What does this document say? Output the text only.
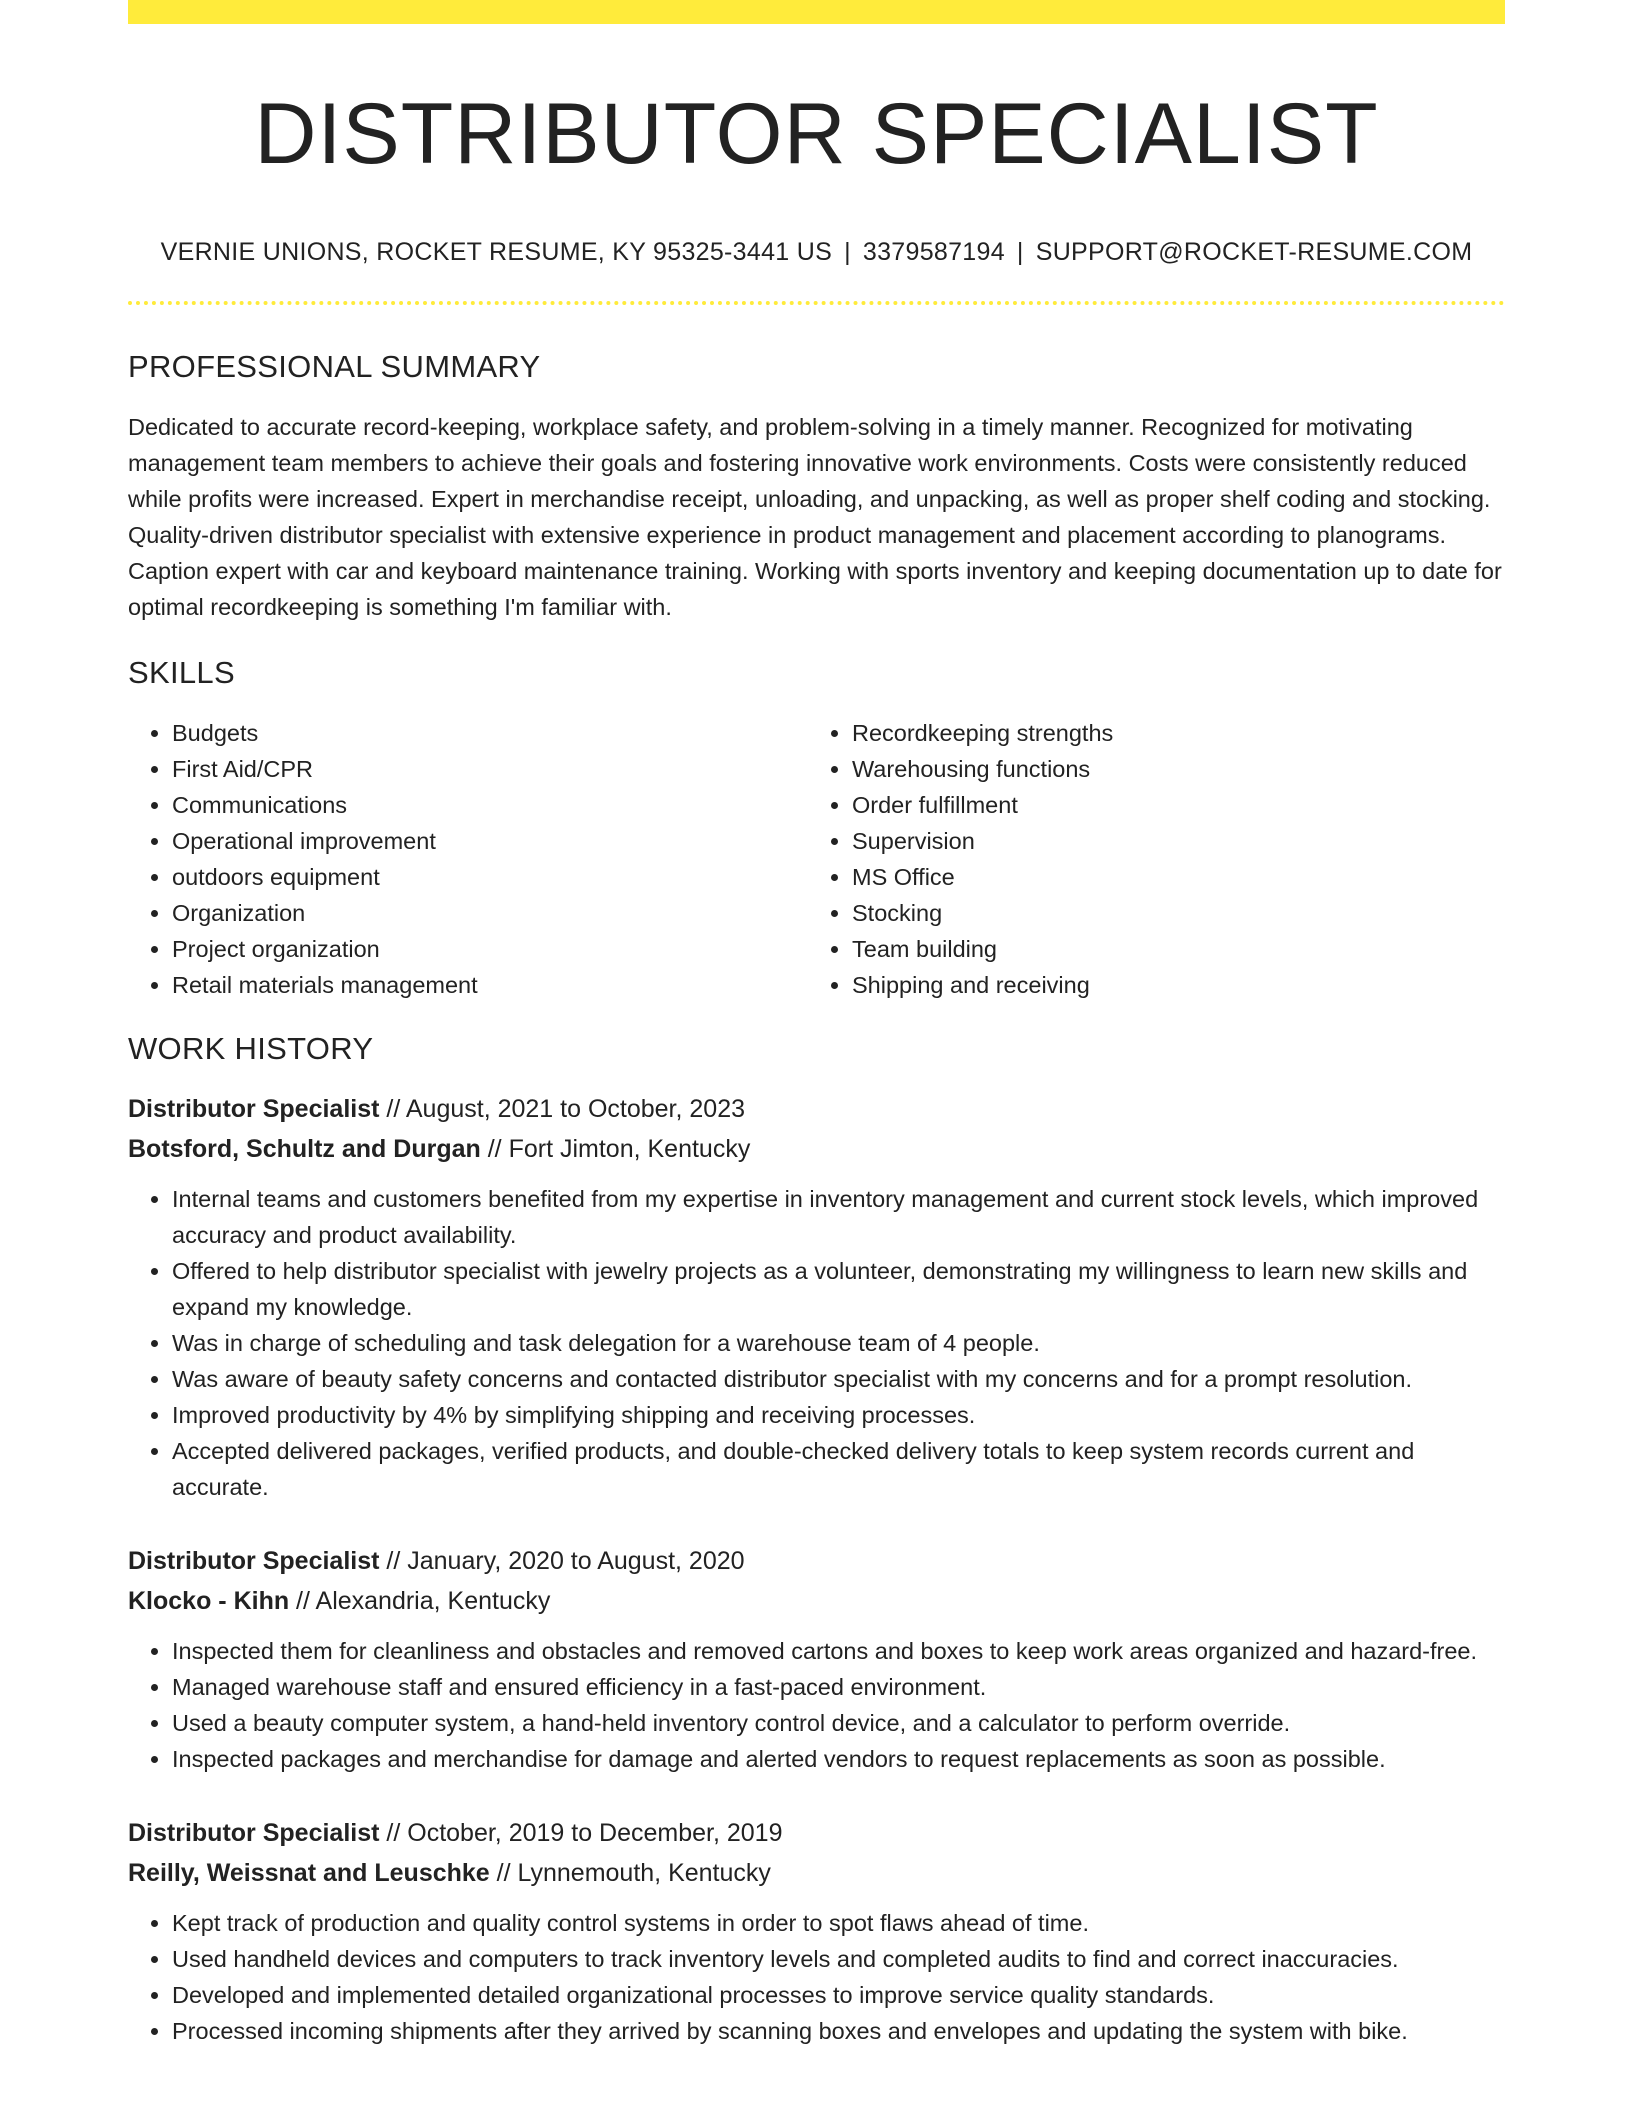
DISTRIBUTOR SPECIALIST
VERNIE UNIONS, ROCKET RESUME, KY 95325-3441 US | 3379587194 | SUPPORT@ROCKET-RESUME.COM
PROFESSIONAL SUMMARY

Dedicated to accurate record-keeping, workplace safety, and problem-solving in a timely manner. Recognized for motivating management team members to achieve their goals and fostering innovative work environments. Costs were consistently reduced while profits were increased. Expert in merchandise receipt, unloading, and unpacking, as well as proper shelf coding and stocking. Quality-driven distributor specialist with extensive experience in product management and placement according to planograms. Caption expert with car and keyboard maintenance training. Working with sports inventory and keeping documentation up to date for optimal recordkeeping is something I'm familiar with.

SKILLS
• Budgets
• First Aid/CPR
• Communications
• Operational improvement
• outdoors equipment
• Organization
• Project organization
• Retail materials management
• Recordkeeping strengths
• Warehousing functions
• Order fulfillment
• Supervision
• MS Office
• Stocking
• Team building
• Shipping and receiving
WORK HISTORY
Distributor Specialist // August, 2021 to October, 2023
Botsford, Schultz and Durgan // Fort Jimton, Kentucky
• Internal teams and customers benefited from my expertise in inventory management and current stock levels, which improved accuracy and product availability.
• Offered to help distributor specialist with jewelry projects as a volunteer, demonstrating my willingness to learn new skills and expand my knowledge.
• Was in charge of scheduling and task delegation for a warehouse team of 4 people.
• Was aware of beauty safety concerns and contacted distributor specialist with my concerns and for a prompt resolution.
• Improved productivity by 4% by simplifying shipping and receiving processes.
• Accepted delivered packages, verified products, and double-checked delivery totals to keep system records current and accurate.
Distributor Specialist // January, 2020 to August, 2020
Klocko - Kihn // Alexandria, Kentucky
• Inspected them for cleanliness and obstacles and removed cartons and boxes to keep work areas organized and hazard-free.
• Managed warehouse staff and ensured efficiency in a fast-paced environment.
• Used a beauty computer system, a hand-held inventory control device, and a calculator to perform override.
• Inspected packages and merchandise for damage and alerted vendors to request replacements as soon as possible.
Distributor Specialist // October, 2019 to December, 2019
Reilly, Weissnat and Leuschke // Lynnemouth, Kentucky
• Kept track of production and quality control systems in order to spot flaws ahead of time.
• Used handheld devices and computers to track inventory levels and completed audits to find and correct inaccuracies.
• Developed and implemented detailed organizational processes to improve service quality standards.
• Processed incoming shipments after they arrived by scanning boxes and envelopes and updating the system with bike.
